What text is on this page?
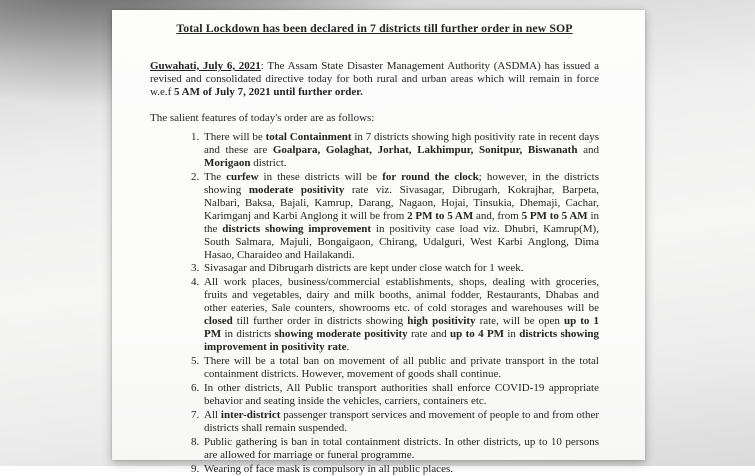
Total Lockdown has been declared in 7 districts till further order in new SOP

Guwahati, July 6, 2021: The Assam State Disaster Management Authority (ASDMA) has issued a revised and consolidated directive today for both rural and urban areas which will remain in force w.e.f 5 AM of July 7, 2021 until further order.

The salient features of today's order are as follows:

1. There will be total Containment in 7 districts showing high positivity rate in recent days and these are Goalpara, Golaghat, Jorhat, Lakhimpur, Sonitpur, Biswanath and Morigaon district.
2. The curfew in these districts will be for round the clock; however, in the districts showing moderate positivity rate viz. Sivasagar, Dibrugarh, Kokrajhar, Barpeta, Nalbari, Baksa, Bajali, Kamrup, Darang, Nagaon, Hojai, Tinsukia, Dhemaji, Cachar, Karimganj and Karbi Anglong it will be from 2 PM to 5 AM and, from 5 PM to 5 AM in the districts showing improvement in positivity case load viz. Dhubri, Kamrup(M), South Salmara, Majuli, Bongaigaon, Chirang, Udalguri, West Karbi Anglong, Dima Hasao, Charaideo and Hailakandi.
3. Sivasagar and Dibrugarh districts are kept under close watch for 1 week.
4. All work places, business/commercial establishments, shops, dealing with groceries, fruits and vegetables, dairy and milk booths, animal fodder, Restaurants, Dhabas and other eateries, Sale counters, showrooms etc. of cold storages and warehouses will be closed till further order in districts showing high positivity rate, will be open up to 1 PM in districts showing moderate positivity rate and up to 4 PM in districts showing improvement in positivity rate.
5. There will be a total ban on movement of all public and private transport in the total containment districts. However, movement of goods shall continue.
6. In other districts, All Public transport authorities shall enforce COVID-19 appropriate behavior and seating inside the vehicles, carriers, containers etc.
7. All inter-district passenger transport services and movement of people to and from other districts shall remain suspended.
8. Public gathering is ban in total containment districts. In other districts, up to 10 persons are allowed for marriage or funeral programme.
9. Wearing of face mask is compulsory in all public places.
